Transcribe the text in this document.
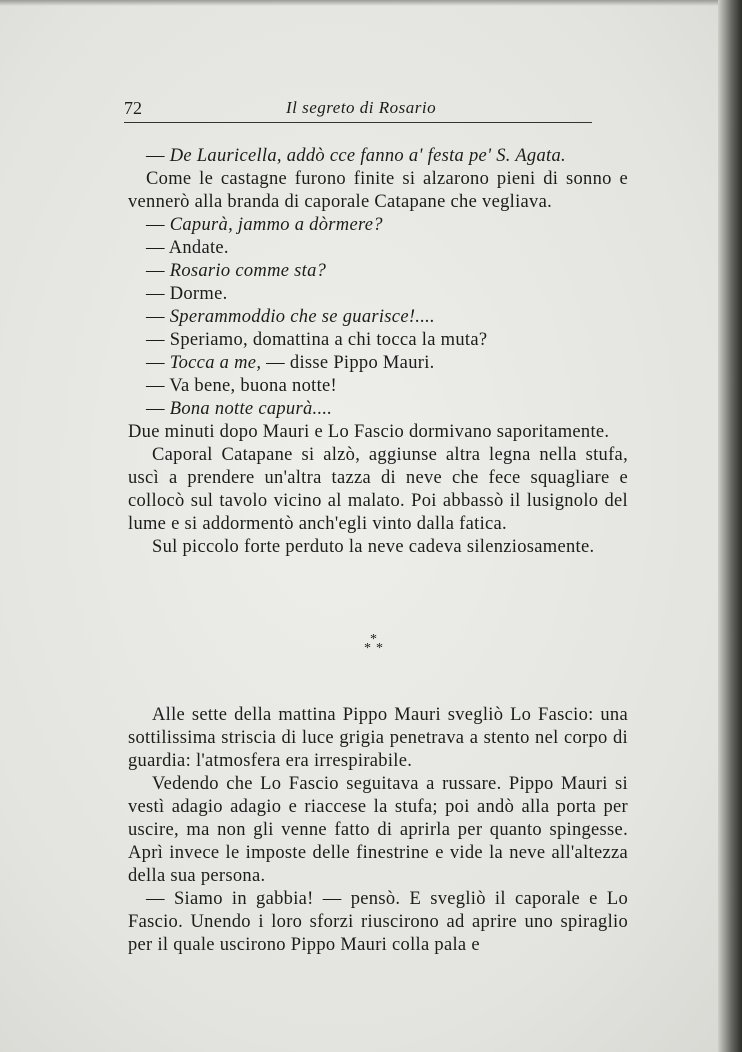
72	Il segreto di Rosario

— De Lauricella, addò cce fanno a' festa pe' S. Agata.

Come le castagne furono finite si alzarono pieni di sonno e vennerò alla branda di caporale Catapane che vegliava.

— Capurà, jammo a dòrmere?

— Andate.

— Rosario comme sta?

— Dorme.

— Sperammoddio che se guarisce!....

— Speriamo, domattina a chi tocca la muta?

— Tocca a me, — disse Pippo Mauri.

— Va bene, buona notte!

— Bona notte capurà....

Due minuti dopo Mauri e Lo Fascio dormivano saporitamente.

Caporal Catapane si alzò, aggiunse altra legna nella stufa, uscì a prendere un'altra tazza di neve che fece squagliare e collocò sul tavolo vicino al malato. Poi abbassò il lusignolo del lume e si addormentò anch'egli vinto dalla fatica.

Sul piccolo forte perduto la neve cadeva silenziosamente.

*
* *

Alle sette della mattina Pippo Mauri svegliò Lo Fascio: una sottilissima striscia di luce grigia penetrava a stento nel corpo di guardia: l'atmosfera era irrespirabile.

Vedendo che Lo Fascio seguitava a russare. Pippo Mauri si vestì adagio adagio e riaccese la stufa; poi andò alla porta per uscire, ma non gli venne fatto di aprirla per quanto spingesse. Aprì invece le imposte delle finestrine e vide la neve all'altezza della sua persona.

— Siamo in gabbia! — pensò. E svegliò il caporale e Lo Fascio. Unendo i loro sforzi riuscirono ad aprire uno spiraglio per il quale uscirono Pippo Mauri colla pala e
